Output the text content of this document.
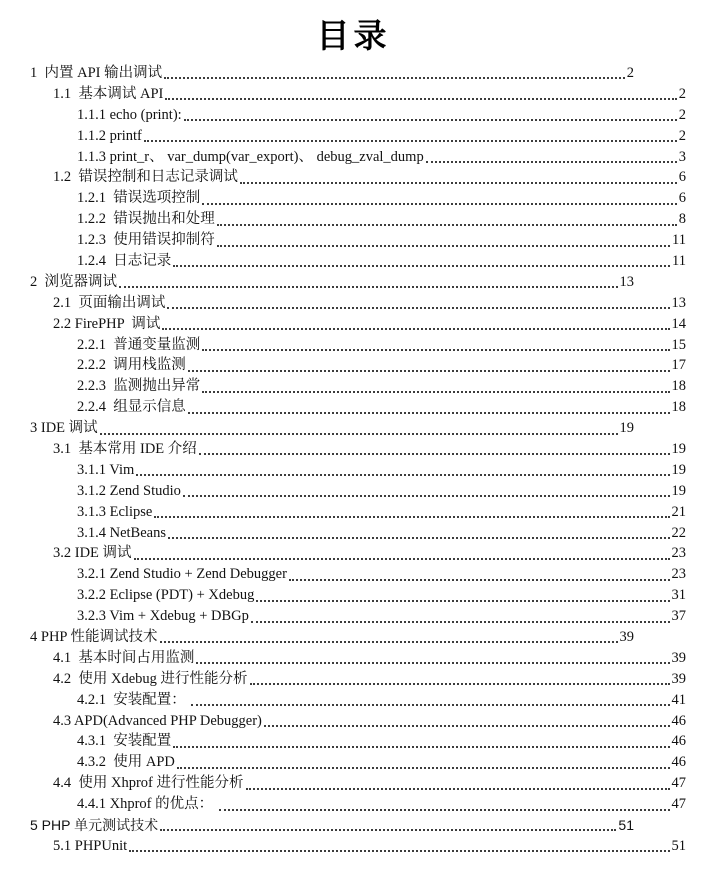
目录
1  内置 API 输出调试	2
1.1  基本调试 API	2
1.1.1 echo (print):	2
1.1.2 printf	2
1.1.3 print_r、 var_dump(var_export)、 debug_zval_dump	3
1.2  错误控制和日志记录调试	6
1.2.1  错误选项控制	6
1.2.2  错误抛出和处理	8
1.2.3  使用错误抑制符	11
1.2.4  日志记录	11
2  浏览器调试	13
2.1  页面输出调试	13
2.2 FirePHP  调试	14
2.2.1  普通变量监测	15
2.2.2  调用栈监测	17
2.2.3  监测抛出异常	18
2.2.4  组显示信息	18
3 IDE 调试	19
3.1  基本常用 IDE 介绍	19
3.1.1 Vim	19
3.1.2 Zend Studio	19
3.1.3 Eclipse	21
3.1.4 NetBeans	22
3.2 IDE 调试	23
3.2.1 Zend Studio + Zend Debugger	23
3.2.2 Eclipse (PDT) + Xdebug	31
3.2.3 Vim + Xdebug + DBGp	37
4 PHP 性能调试技术	39
4.1  基本时间占用监测	39
4.2  使用 Xdebug 进行性能分析	39
4.2.1  安装配置：	41
4.3 APD(Advanced PHP Debugger)	46
4.3.1  安装配置	46
4.3.2  使用 APD	46
4.4  使用 Xhprof 进行性能分析	47
4.4.1 Xhprof 的优点：	47
5 PHP 单元测试技术	51
5.1 PHPUnit	51
